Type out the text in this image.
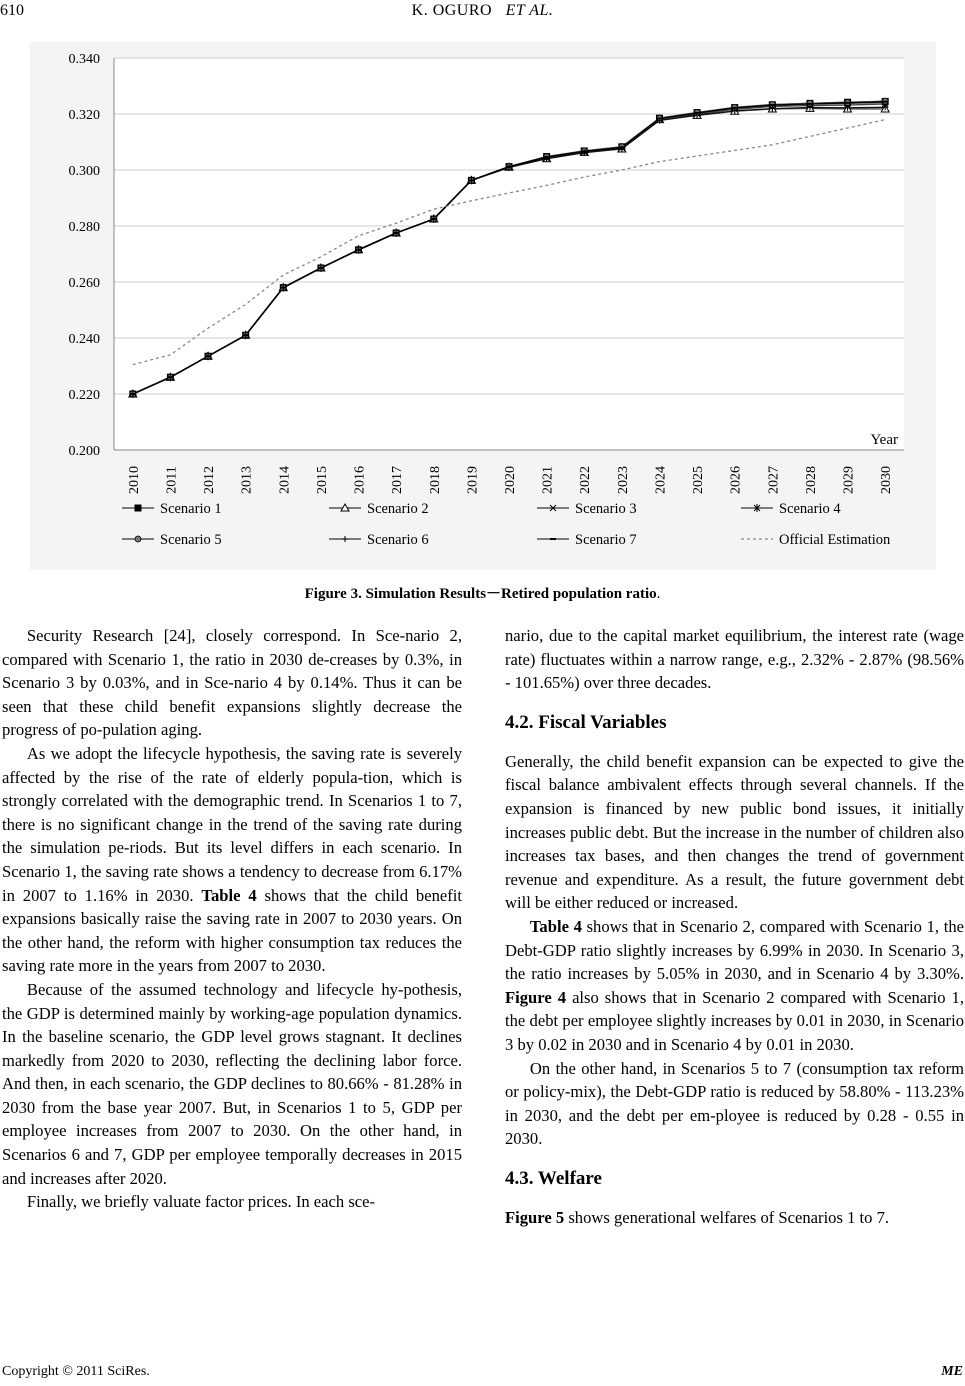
610	K. OGURO ET AL.
0.200
0.220
0.240
0.260
0.280
0.300
0.320
0.340
2010 2011 2012 2013 2014 2015 2016 2017 2018 2019 2020 2021 2022 2023 2024 2025 2026 2027 2028 2029 2030
Year
Scenario 1	Scenario 2	Scenario 3	Scenario 4
Scenario 5	Scenario 6	Scenario 7	Official Estimation
Figure 3. Simulation Results－Retired population ratio.

Security Research [24], closely correspond. In Sce-nario 2, compared with Scenario 1, the ratio in 2030 de-creases by 0.3%, in Scenario 3 by 0.03%, and in Sce-nario 4 by 0.14%. Thus it can be seen that these child benefit expansions slightly decrease the progress of po-pulation aging.

As we adopt the lifecycle hypothesis, the saving rate is severely affected by the rise of the rate of elderly popula-tion, which is strongly correlated with the demographic trend. In Scenarios 1 to 7, there is no significant change in the trend of the saving rate during the simulation pe-riods. But its level differs in each scenario. In Scenario 1, the saving rate shows a tendency to decrease from 6.17% in 2007 to 1.16% in 2030. Table 4 shows that the child benefit expansions basically raise the saving rate in 2007 to 2030 years. On the other hand, the reform with higher consumption tax reduces the saving rate more in the years from 2007 to 2030.

Because of the assumed technology and lifecycle hy-pothesis, the GDP is determined mainly by working-age population dynamics. In the baseline scenario, the GDP level grows stagnant. It declines markedly from 2020 to 2030, reflecting the declining labor force. And then, in each scenario, the GDP declines to 80.66% - 81.28% in 2030 from the base year 2007. But, in Scenarios 1 to 5, GDP per employee increases from 2007 to 2030. On the other hand, in Scenarios 6 and 7, GDP per employee temporally decreases in 2015 and increases after 2020.

Finally, we briefly valuate factor prices. In each sce-

nario, due to the capital market equilibrium, the interest rate (wage rate) fluctuates within a narrow range, e.g., 2.32% - 2.87% (98.56% - 101.65%) over three decades.

4.2. Fiscal Variables

Generally, the child benefit expansion can be expected to give the fiscal balance ambivalent effects through several channels. If the expansion is financed by new public bond issues, it initially increases public debt. But the increase in the number of children also increases tax bases, and then changes the trend of government revenue and expenditure. As a result, the future government debt will be either reduced or increased.

Table 4 shows that in Scenario 2, compared with Scenario 1, the Debt-GDP ratio slightly increases by 6.99% in 2030. In Scenario 3, the ratio increases by 5.05% in 2030, and in Scenario 4 by 3.30%. Figure 4 also shows that in Scenario 2 compared with Scenario 1, the debt per employee slightly increases by 0.01 in 2030, in Scenario 3 by 0.02 in 2030 and in Scenario 4 by 0.01 in 2030.

On the other hand, in Scenarios 5 to 7 (consumption tax reform or policy-mix), the Debt-GDP ratio is reduced by 58.80% - 113.23% in 2030, and the debt per em-ployee is reduced by 0.28 - 0.55 in 2030.

4.3. Welfare

Figure 5 shows generational welfares of Scenarios 1 to 7.

Copyright © 2011 SciRes.	ME
